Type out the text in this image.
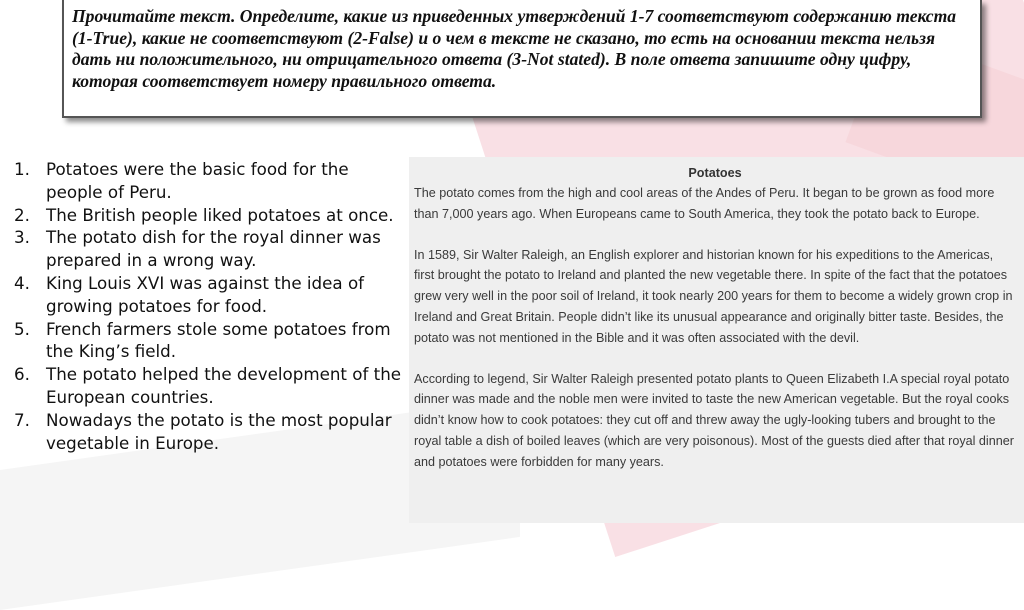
Прочитайте текст. Определите, какие из приведенных утверждений 1-7 соответствуют содержанию текста (1-True), какие не соответствуют (2-False) и о чем в тексте не сказано, то есть на основании текста нельзя дать ни положительного, ни отрицательного ответа (3-Not stated). В поле ответа запишите одну цифру, которая соответствует номеру правильного ответа.

1. Potatoes were the basic food for the people of Peru.
2. The British people liked potatoes at once.
3. The potato dish for the royal dinner was prepared in a wrong way.
4. King Louis XVI was against the idea of growing potatoes for food.
5. French farmers stole some potatoes from the King’s field.
6. The potato helped the development of the European countries.
7. Nowadays the potato is the most popular vegetable in Europe.
Potatoes

The potato comes from the high and cool areas of the Andes of Peru. It began to be grown as food more than 7,000 years ago. When Europeans came to South America, they took the potato back to Europe.

In 1589, Sir Walter Raleigh, an English explorer and historian known for his expeditions to the Americas, first brought the potato to Ireland and planted the new vegetable there. In spite of the fact that the potatoes grew very well in the poor soil of Ireland, it took nearly 200 years for them to become a widely grown crop in Ireland and Great Britain. People didn’t like its unusual appearance and originally bitter taste. Besides, the potato was not mentioned in the Bible and it was often associated with the devil.

According to legend, Sir Walter Raleigh presented potato plants to Queen Elizabeth I.A special royal potato dinner was made and the noble men were invited to taste the new American vegetable. But the royal cooks didn’t know how to cook potatoes: they cut off and threw away the ugly-looking tubers and brought to the royal table a dish of boiled leaves (which are very poisonous). Most of the guests died after that royal dinner and potatoes were forbidden for many years.
